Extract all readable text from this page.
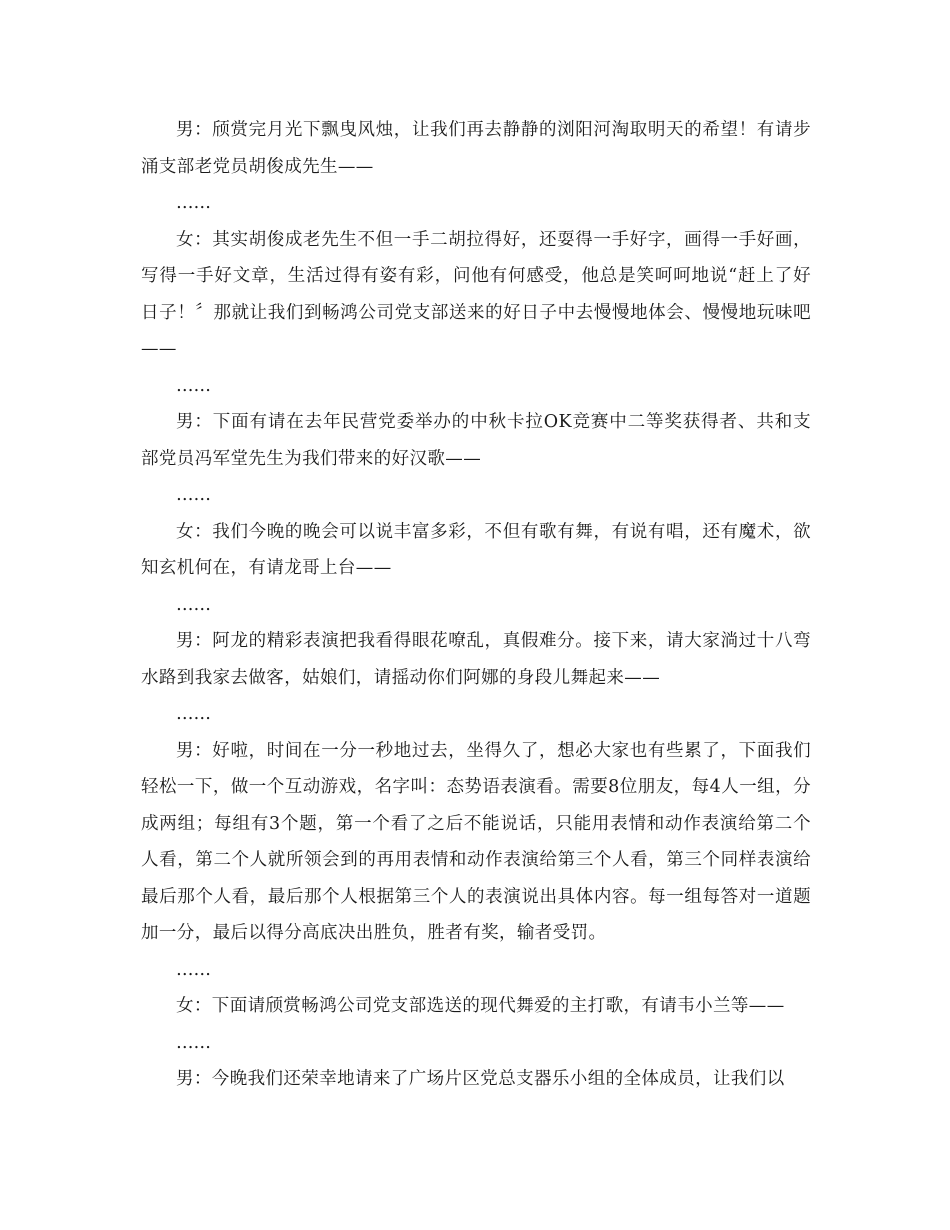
男：颀赏完月光下飘曳风烛，让我们再去静静的浏阳河淘取明天的希望！有请步涌支部老党员胡俊成先生——

……

女：其实胡俊成老先生不但一手二胡拉得好，还耍得一手好字，画得一手好画，写得一手好文章，生活过得有姿有彩，问他有何感受，他总是笑呵呵地说“赶上了好日子！〞那就让我们到畅鸿公司党支部送来的好日子中去慢慢地体会、慢慢地玩味吧——

……

男：下面有请在去年民营党委举办的中秋卡拉OK竞赛中二等奖获得者、共和支部党员冯军堂先生为我们带来的好汉歌——

……

女：我们今晚的晚会可以说丰富多彩，不但有歌有舞，有说有唱，还有魔术，欲知玄机何在，有请龙哥上台——

……

男：阿龙的精彩表演把我看得眼花嘹乱，真假难分。接下来，请大家淌过十八弯水路到我家去做客，姑娘们，请摇动你们阿娜的身段儿舞起来——

……

男：好啦，时间在一分一秒地过去，坐得久了，想必大家也有些累了，下面我们轻松一下，做一个互动游戏，名字叫：态势语表演看。需要8位朋友，每4人一组，分成两组；每组有3个题，第一个看了之后不能说话，只能用表情和动作表演给第二个人看，第二个人就所领会到的再用表情和动作表演给第三个人看，第三个同样表演给最后那个人看，最后那个人根据第三个人的表演说出具体内容。每一组每答对一道题加一分，最后以得分高底决出胜负，胜者有奖，输者受罚。

……

女：下面请颀赏畅鸿公司党支部选送的现代舞爱的主打歌，有请韦小兰等——

……

男：今晚我们还荣幸地请来了广场片区党总支器乐小组的全体成员，让我们以
